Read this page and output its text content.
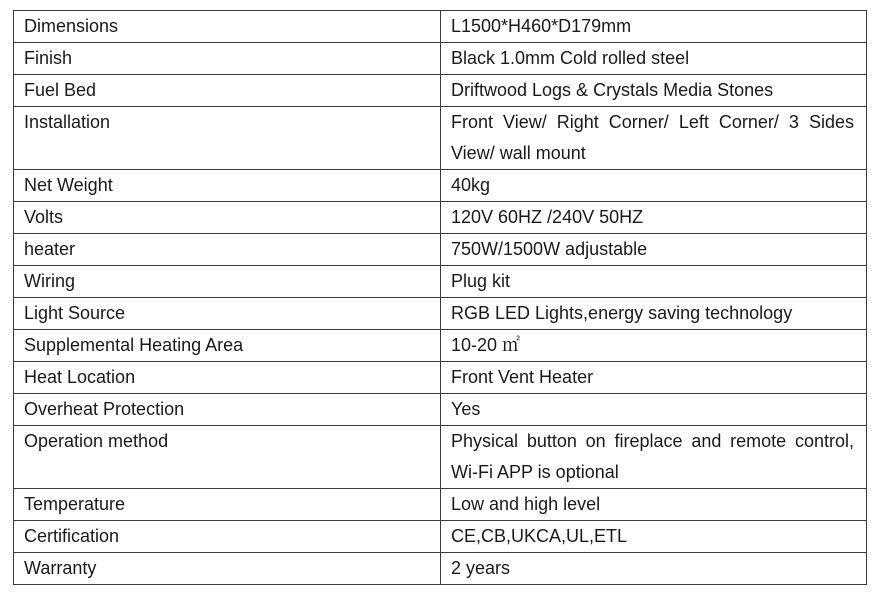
Dimensions	L1500*H460*D179mm
Finish	Black 1.0mm Cold rolled steel
Fuel Bed	Driftwood Logs & Crystals Media Stones
Installation	Front View/ Right Corner/ Left Corner/ 3 Sides View/ wall mount
Net Weight	40kg
Volts	120V 60HZ /240V 50HZ
heater	750W/1500W adjustable
Wiring	Plug kit
Light Source	RGB LED Lights,energy saving technology
Supplemental Heating Area	10-20 ㎡
Heat Location	Front Vent Heater
Overheat Protection	Yes
Operation method	Physical button on fireplace and remote control, Wi-Fi APP is optional
Temperature	Low and high level
Certification	CE,CB,UKCA,UL,ETL
Warranty	2 years
